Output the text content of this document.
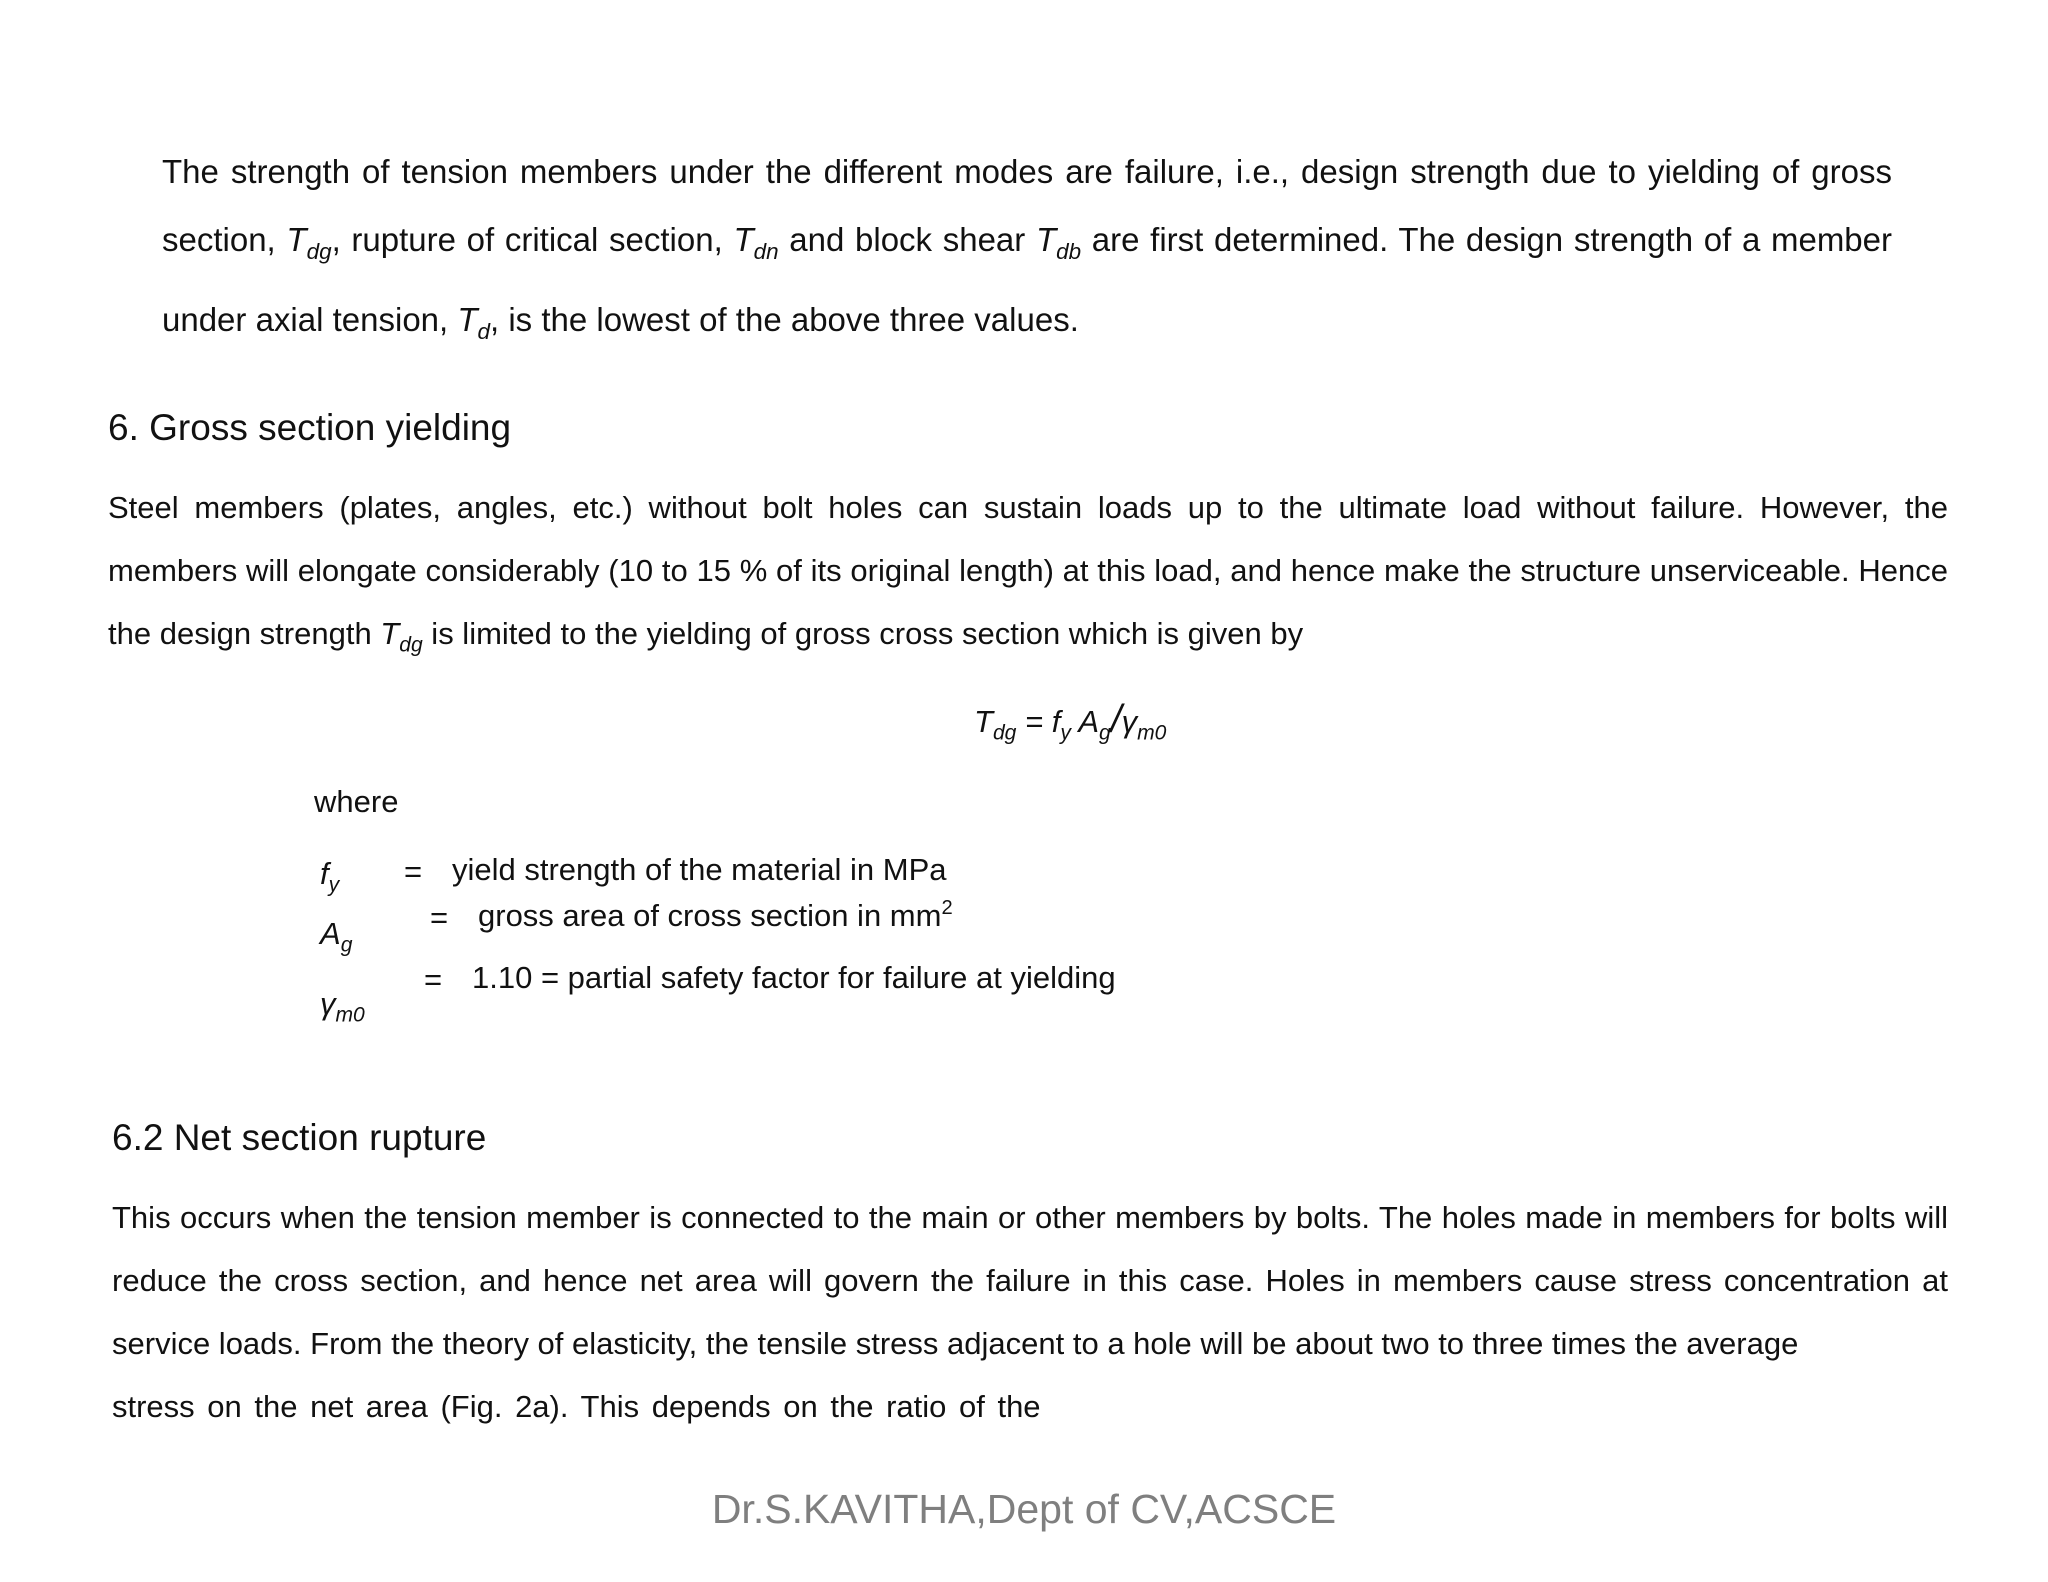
The strength of tension members under the different modes are failure, i.e., design strength due to yielding of gross section, $T_{dg}$, rupture of critical section, $T_{dn}$ and block shear $T_{db}$ are first determined. The design strength of a member under axial tension, $T_d$, is the lowest of the above three values.

6. Gross section yielding

Steel members (plates, angles, etc.) without bolt holes can sustain loads up to the ultimate load without failure. However, the members will elongate considerably (10 to 15 % of its original length) at this load, and hence make the structure unserviceable. Hence the design strength $T_{dg}$ is limited to the yielding of gross cross section which is given by

$T_{dg} = f_y$ $A_g/\gamma_{m0}$
where
$f_y$ = yield strength of the material in MPa
$A_g$
= gross area of cross section in $mm^2$
$\gamma_{m0}$
= 1.10 = partial safety factor for failure at yielding
6.2 Net section rupture

This occurs when the tension member is connected to the main or other members by bolts. The holes made in members for bolts will reduce the cross section, and hence net area will govern the failure in this case. Holes in members cause stress concentration at service loads. From the theory of elasticity, the tensile stress adjacent to a hole will be about two to three times the average

stress on the net area (Fig. 2a). This depends on the ratio of the

Dr.S.KAVITHA,Dept of CV,ACSCE
